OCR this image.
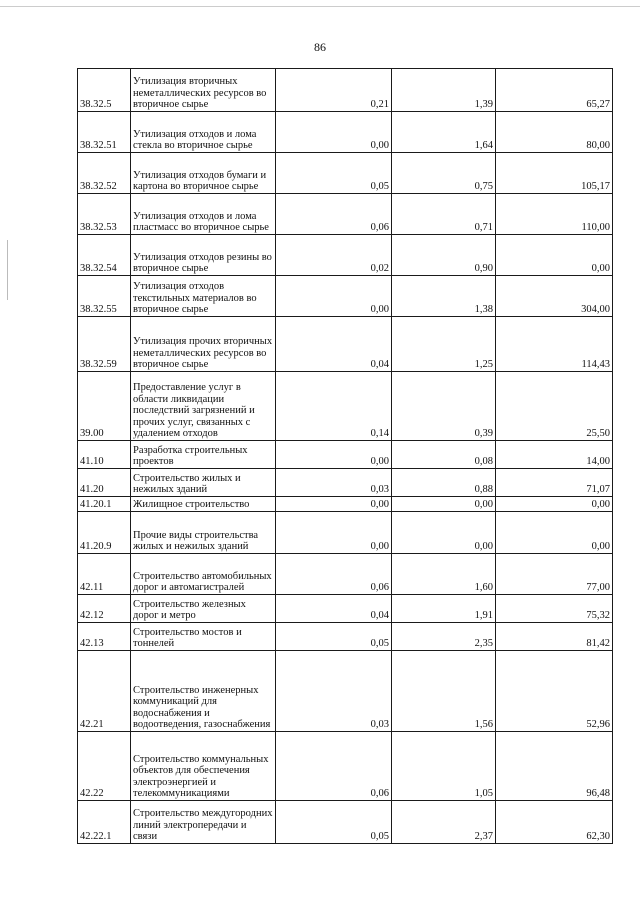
86
38.32.5	Утилизация вторичных неметаллических ресурсов во вторичное сырье	0,21	1,39	65,27
38.32.51	Утилизация отходов и лома стекла во вторичное сырье	0,00	1,64	80,00
38.32.52	Утилизация отходов бумаги и картона во вторичное сырье	0,05	0,75	105,17
38.32.53	Утилизация отходов и лома пластмасс во вторичное сырье	0,06	0,71	110,00
38.32.54	Утилизация отходов резины во вторичное сырье	0,02	0,90	0,00
38.32.55	Утилизация отходов текстильных материалов во вторичное сырье	0,00	1,38	304,00
38.32.59	Утилизация прочих вторичных неметаллических ресурсов во вторичное сырье	0,04	1,25	114,43
39.00	Предоставление услуг в области ликвидации последствий загрязнений и прочих услуг, связанных с удалением отходов	0,14	0,39	25,50
41.10	Разработка строительных проектов	0,00	0,08	14,00
41.20	Строительство жилых и нежилых зданий	0,03	0,88	71,07
41.20.1	Жилищное строительство	0,00	0,00	0,00
41.20.9	Прочие виды строительства жилых и нежилых зданий	0,00	0,00	0,00
42.11	Строительство автомобильных дорог и автомагистралей	0,06	1,60	77,00
42.12	Строительство железных дорог и метро	0,04	1,91	75,32
42.13	Строительство мостов и тоннелей	0,05	2,35	81,42
42.21	Строительство инженерных коммуникаций для водоснабжения и водоотведения, газоснабжения	0,03	1,56	52,96
42.22	Строительство коммунальных объектов для обеспечения электроэнергией и телекоммуникациями	0,06	1,05	96,48
42.22.1	Строительство междугородних линий электропередачи и связи	0,05	2,37	62,30
